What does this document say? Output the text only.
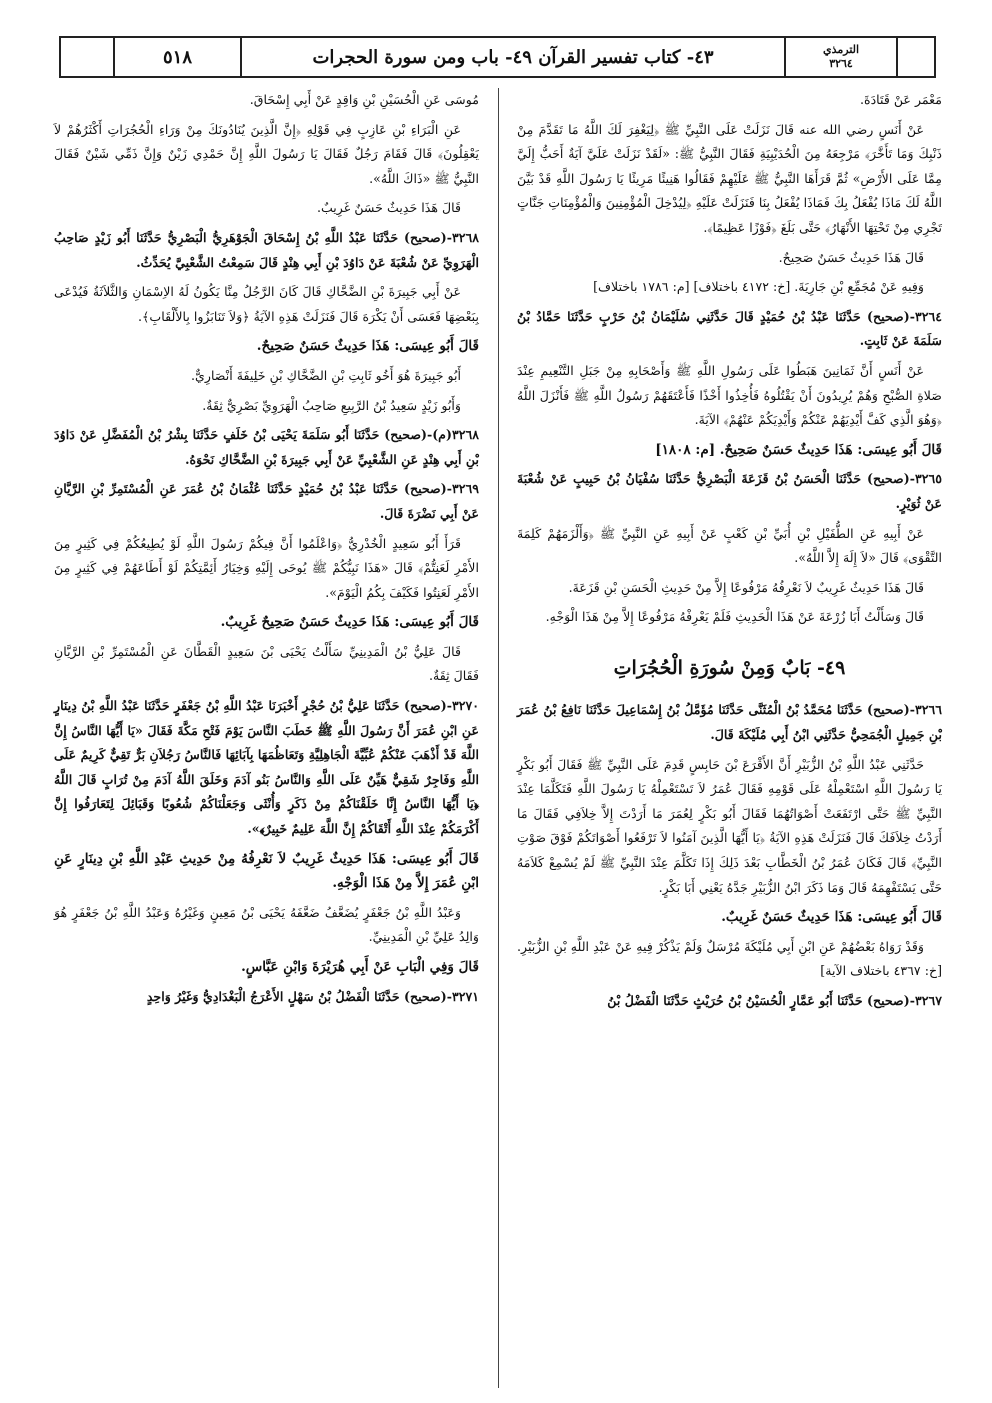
٥١٨	٤٣- كتاب تفسير القرآن ٤٩- باب ومن سورة الحجرات	الترمذي
٣٢٦٤

مَعْمَر عَنْ قَتَادَةَ.

عَنْ أَنَسٍ رضي الله عنه قَالَ نَزَلَتْ عَلَى النَّبِيِّ ﷺ ﴿لِيَغْفِرَ لَكَ اللَّهُ مَا تَقَدَّمَ مِنْ ذَنْبِكَ وَمَا تَأَخَّرَ﴾ مَرْجِعَهُ مِنَ الْحُدَيْبِيَةِ فَقَالَ النَّبِيُّ ﷺ: «لَقَدْ نَزَلَتْ عَلَيَّ آيَةٌ أَحَبُّ إِلَيَّ مِمَّا عَلَى الأَرْضِ» ثُمَّ قَرَأَهَا النَّبِيُّ ﷺ عَلَيْهِمْ فَقَالُوا هَنِيئًا مَرِيئًا يَا رَسُولَ اللَّهِ قَدْ بَيَّنَ اللَّهُ لَكَ مَاذَا يُفْعَلُ بِكَ فَمَاذَا يُفْعَلُ بِنَا فَنَزَلَتْ عَلَيْهِ ﴿لِيُدْخِلَ الْمُؤْمِنِينَ وَالْمُؤْمِنَاتِ جَنَّاتٍ تَجْرِي مِنْ تَحْتِهَا الأَنْهَارُ﴾ حَتَّى بَلَغَ ﴿فَوْزًا عَظِيمًا﴾.

قَالَ هَذَا حَدِيثٌ حَسَنٌ صَحِيحٌ.

وَفِيهِ عَنْ مُجَمِّعِ بْنِ جَارِيَةَ. [خ: ٤١٧٢ باختلاف] [م: ١٧٨٦ باختلاف]

٣٢٦٤-(صحيح) حَدَّثَنَا عَبْدُ بْنُ حُمَيْدٍ قَالَ حَدَّثَنِي سُلَيْمَانُ بْنُ حَرْبٍ حَدَّثَنَا حَمَّادُ بْنُ سَلَمَةَ عَنْ ثَابِتٍ.

عَنْ أَنَسٍ أَنَّ ثَمَانِينَ هَبَطُوا عَلَى رَسُولِ اللَّهِ ﷺ وَأَصْحَابِهِ مِنْ جَبَلِ التَّنْعِيمِ عِنْدَ صَلاةِ الصُّبْحِ وَهُمْ يُرِيدُونَ أَنْ يَقْتُلُوهُ فَأُخِذُوا أَخْذًا فَأَعْتَقَهُمْ رَسُولُ اللَّهِ ﷺ فَأَنْزَلَ اللَّهُ ﴿وَهُوَ الَّذِي كَفَّ أَيْدِيَهُمْ عَنْكُمْ وَأَيْدِيَكُمْ عَنْهُمْ﴾ الآيَةَ.

قَالَ أَبُو عِيسَى: هَذَا حَدِيثٌ حَسَنٌ صَحِيحٌ. [م: ١٨٠٨]

٣٢٦٥-(صحيح) حَدَّثَنَا الْحَسَنُ بْنُ قَزَعَةَ الْبَصْرِيُّ حَدَّثَنَا سُفْيَانُ بْنُ حَبِيبٍ عَنْ شُعْبَةَ عَنْ ثُوَيْرٍ.

عَنْ أَبِيهِ عَنِ الطُّفَيْلِ بْنِ أُبَيِّ بْنِ كَعْبٍ عَنْ أَبِيهِ عَنِ النَّبِيِّ ﷺ ﴿وَأَلْزَمَهُمْ كَلِمَةَ التَّقْوَى﴾ قَالَ «لاَ إِلَهَ إِلاَّ اللَّهُ».

قَالَ هَذَا حَدِيثٌ غَرِيبٌ لاَ نَعْرِفُهُ مَرْفُوعًا إِلاَّ مِنْ حَدِيثِ الْحَسَنِ بْنِ قَزَعَةَ.

قَالَ وَسَأَلْتُ أَبَا زُرْعَةَ عَنْ هَذَا الْحَدِيثِ فَلَمْ يَعْرِفْهُ مَرْفُوعًا إِلاَّ مِنْ هَذَا الْوَجْهِ.

٤٩- بَابٌ وَمِنْ سُورَةِ الْحُجُرَاتِ

٣٢٦٦-(صحيح) حَدَّثَنَا مُحَمَّدُ بْنُ الْمُثَنَّى حَدَّثَنَا مُؤَمَّلُ بْنُ إِسْمَاعِيلَ حَدَّثَنَا نَافِعُ بْنُ عُمَرَ بْنِ جَمِيلٍ الْجُمَحِيُّ حَدَّثَنِي ابْنُ أَبِي مُلَيْكَةَ قَالَ.

حَدَّثَنِي عَبْدُ اللَّهِ بْنُ الزُّبَيْرِ أَنَّ الأَقْرَعَ بْنَ حَابِسٍ قَدِمَ عَلَى النَّبِيِّ ﷺ فَقَالَ أَبُو بَكْرٍ يَا رَسُولَ اللَّهِ اسْتَعْمِلْهُ عَلَى قَوْمِهِ فَقَالَ عُمَرُ لاَ تَسْتَعْمِلْهُ يَا رَسُولَ اللَّهِ فَتَكَلَّمَا عِنْدَ النَّبِيِّ ﷺ حَتَّى ارْتَفَعَتْ أَصْوَاتُهُمَا فَقَالَ أَبُو بَكْرٍ لِعُمَرَ مَا أَرَدْتَ إِلاَّ خِلاَفِي فَقَالَ مَا أَرَدْتُ خِلاَفَكَ قَالَ فَنَزَلَتْ هَذِهِ الآيَةُ ﴿يَا أَيُّهَا الَّذِينَ آمَنُوا لاَ تَرْفَعُوا أَصْوَاتَكُمْ فَوْقَ صَوْتِ النَّبِيِّ﴾ قَالَ فَكَانَ عُمَرُ بْنُ الْخَطَّابِ بَعْدَ ذَلِكَ إِذَا تَكَلَّمَ عِنْدَ النَّبِيِّ ﷺ لَمْ يُسْمِعْ كَلاَمَهُ حَتَّى يَسْتَفْهِمَهُ قَالَ وَمَا ذَكَرَ ابْنُ الزُّبَيْرِ جَدَّهُ يَعْنِي أَبَا بَكْرٍ.

قَالَ أَبُو عِيسَى: هَذَا حَدِيثٌ حَسَنٌ غَرِيبٌ.

وَقَدْ رَوَاهُ بَعْضُهُمْ عَنِ ابْنِ أَبِي مُلَيْكَةَ مُرْسَلٌ وَلَمْ يَذْكُرْ فِيهِ عَنْ عَبْدِ اللَّهِ بْنِ الزُّبَيْرِ. [خ: ٤٣٦٧ باختلاف الآية]

٣٢٦٧-(صحيح) حَدَّثَنَا أَبُو عَمَّارٍ الْحُسَيْنُ بْنُ حُرَيْثٍ حَدَّثَنَا الْفَضْلُ بْنُ

مُوسَى عَنِ الْحُسَيْنِ بْنِ وَاقِدٍ عَنْ أَبِي إِسْحَاقَ.

عَنِ الْبَرَاءِ بْنِ عَازِبٍ فِي قَوْلِهِ ﴿إِنَّ الَّذِينَ يُنَادُونَكَ مِنْ وَرَاءِ الْحُجُرَاتِ أَكْثَرُهُمْ لاَ يَعْقِلُونَ﴾ قَالَ فَقَامَ رَجُلٌ فَقَالَ يَا رَسُولَ اللَّهِ إِنَّ حَمْدِي زَيْنٌ وَإِنَّ ذَمِّي شَيْنٌ فَقَالَ النَّبِيُّ ﷺ «ذَاكَ اللَّهُ».

قَالَ هَذَا حَدِيثٌ حَسَنٌ غَرِيبٌ.

٣٢٦٨-(صحيح) حَدَّثَنَا عَبْدُ اللَّهِ بْنُ إِسْحَاقَ الْجَوْهَرِيُّ الْبَصْرِيُّ حَدَّثَنَا أَبُو زَيْدٍ صَاحِبُ الْهَرَوِيِّ عَنْ شُعْبَةَ عَنْ دَاوُدَ بْنِ أَبِي هِنْدٍ قَالَ سَمِعْتُ الشَّعْبِيَّ يُحَدِّثُ.

عَنْ أَبِي جَبِيرَةَ بْنِ الضَّحَّاكِ قَالَ كَانَ الرَّجُلُ مِنَّا يَكُونُ لَهُ الاِسْمَانِ وَالثَّلاَثَةُ فَيُدْعَى بِبَعْضِهَا فَعَسَى أَنْ يَكْرَهَ قَالَ فَنَزَلَتْ هَذِهِ الآيَةُ ﴿وَلاَ تَنَابَزُوا بِالأَلْقَابِ﴾.

قَالَ أَبُو عِيسَى: هَذَا حَدِيثٌ حَسَنٌ صَحِيحٌ.

أَبُو جَبِيرَةَ هُوَ أَخُو ثَابِتِ بْنِ الضَّحَّاكِ بْنِ خَلِيفَةَ أَنْصَارِيٌّ.

وَأَبُو زَيْدٍ سَعِيدُ بْنُ الرَّبِيعِ صَاحِبُ الْهَرَوِيِّ بَصْرِيٌّ ثِقَةٌ.

٣٢٦٨(م)-(صحيح) حَدَّثَنَا أَبُو سَلَمَةَ يَحْيَى بْنُ خَلَفٍ حَدَّثَنَا بِشْرُ بْنُ الْمُفَضَّلِ عَنْ دَاوُدَ بْنِ أَبِي هِنْدٍ عَنِ الشَّعْبِيِّ عَنْ أَبِي جَبِيرَةَ بْنِ الضَّحَّاكِ نَحْوَهُ.

٣٢٦٩-(صحيح) حَدَّثَنَا عَبْدُ بْنُ حُمَيْدٍ حَدَّثَنَا عُثْمَانُ بْنُ عُمَرَ عَنِ الْمُسْتَمِرِّ بْنِ الرَّيَّانِ عَنْ أَبِي نَضْرَةَ قَالَ.

قَرَأَ أَبُو سَعِيدٍ الْخُدْرِيُّ ﴿وَاعْلَمُوا أَنَّ فِيكُمْ رَسُولَ اللَّهِ لَوْ يُطِيعُكُمْ فِي كَثِيرٍ مِنَ الأَمْرِ لَعَنِتُّمْ﴾ قَالَ «هَذَا نَبِيُّكُمْ ﷺ يُوحَى إِلَيْهِ وَخِيَارُ أَئِمَّتِكُمْ لَوْ أَطَاعَهُمْ فِي كَثِيرٍ مِنَ الأَمْرِ لَعَنِتُوا فَكَيْفَ بِكُمُ الْيَوْمَ».

قَالَ أَبُو عِيسَى: هَذَا حَدِيثٌ حَسَنٌ صَحِيحٌ غَرِيبٌ.

قَالَ عَلِيُّ بْنُ الْمَدِينِيِّ سَأَلْتُ يَحْيَى بْنَ سَعِيدٍ الْقَطَّانَ عَنِ الْمُسْتَمِرِّ بْنِ الرَّيَّانِ فَقَالَ ثِقَةٌ.

٣٢٧٠-(صحيح) حَدَّثَنَا عَلِيُّ بْنُ حُجْرٍ أَخْبَرَنَا عَبْدُ اللَّهِ بْنُ جَعْفَرٍ حَدَّثَنَا عَبْدُ اللَّهِ بْنُ دِينَارٍ عَنِ ابْنِ عُمَرَ أَنَّ رَسُولَ اللَّهِ ﷺ خَطَبَ النَّاسَ يَوْمَ فَتْحِ مَكَّةَ فَقَالَ «يَا أَيُّهَا النَّاسُ إِنَّ اللَّهَ قَدْ أَذْهَبَ عَنْكُمْ عُبِّيَّةَ الْجَاهِلِيَّةِ وَتَعَاظُمَهَا بِآبَائِهَا فَالنَّاسُ رَجُلاَنِ بَرٌّ تَقِيٌّ كَرِيمٌ عَلَى اللَّهِ وَفَاجِرٌ شَقِيٌّ هَيِّنٌ عَلَى اللَّهِ وَالنَّاسُ بَنُو آدَمَ وَخَلَقَ اللَّهُ آدَمَ مِنْ تُرَابٍ قَالَ اللَّهُ ﴿يَا أَيُّهَا النَّاسُ إِنَّا خَلَقْنَاكُمْ مِنْ ذَكَرٍ وَأُنْثَى وَجَعَلْنَاكُمْ شُعُوبًا وَقَبَائِلَ لِتَعَارَفُوا إِنَّ أَكْرَمَكُمْ عِنْدَ اللَّهِ أَتْقَاكُمْ إِنَّ اللَّهَ عَلِيمٌ خَبِيرٌ﴾».

قَالَ أَبُو عِيسَى: هَذَا حَدِيثٌ غَرِيبٌ لاَ نَعْرِفُهُ مِنْ حَدِيثِ عَبْدِ اللَّهِ بْنِ دِينَارٍ عَنِ ابْنِ عُمَرَ إِلاَّ مِنْ هَذَا الْوَجْهِ.

وَعَبْدُ اللَّهِ بْنُ جَعْفَرٍ يُضَعَّفُ ضَعَّفَهُ يَحْيَى بْنُ مَعِينٍ وَغَيْرُهُ وَعَبْدُ اللَّهِ بْنُ جَعْفَرٍ هُوَ وَالِدُ عَلِيِّ بْنِ الْمَدِينِيِّ.

قَالَ وَفِي الْبَابِ عَنْ أَبِي هُرَيْرَةَ وَابْنِ عَبَّاسٍ.

٣٢٧١-(صحيح) حَدَّثَنَا الْفَضْلُ بْنُ سَهْلٍ الأَعْرَجُ الْبَغْدَادِيُّ وَغَيْرُ وَاحِدٍ
